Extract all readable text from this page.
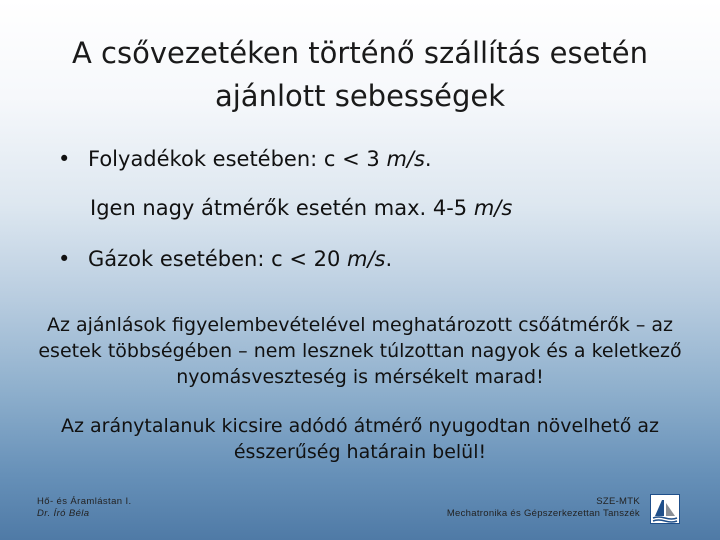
A csővezetéken történő szállítás esetén
ajánlott sebességek
• Folyadékok esetében: c < 3 m/s.
Igen nagy átmérők esetén max. 4-5 m/s
• Gázok esetében: c < 20 m/s.
Az ajánlások figyelembevételével meghatározott csőátmérők – az
esetek többségében – nem lesznek túlzottan nagyok és a keletkező
nyomásveszteség is mérsékelt marad!
Az aránytalanuk kicsire adódó átmérő nyugodtan növelhető az
ésszerűség határain belül!
Hő- és Áramlástan I.
Dr. Író Béla
SZE-MTK
Mechatronika és Gépszerkezettan Tanszék
